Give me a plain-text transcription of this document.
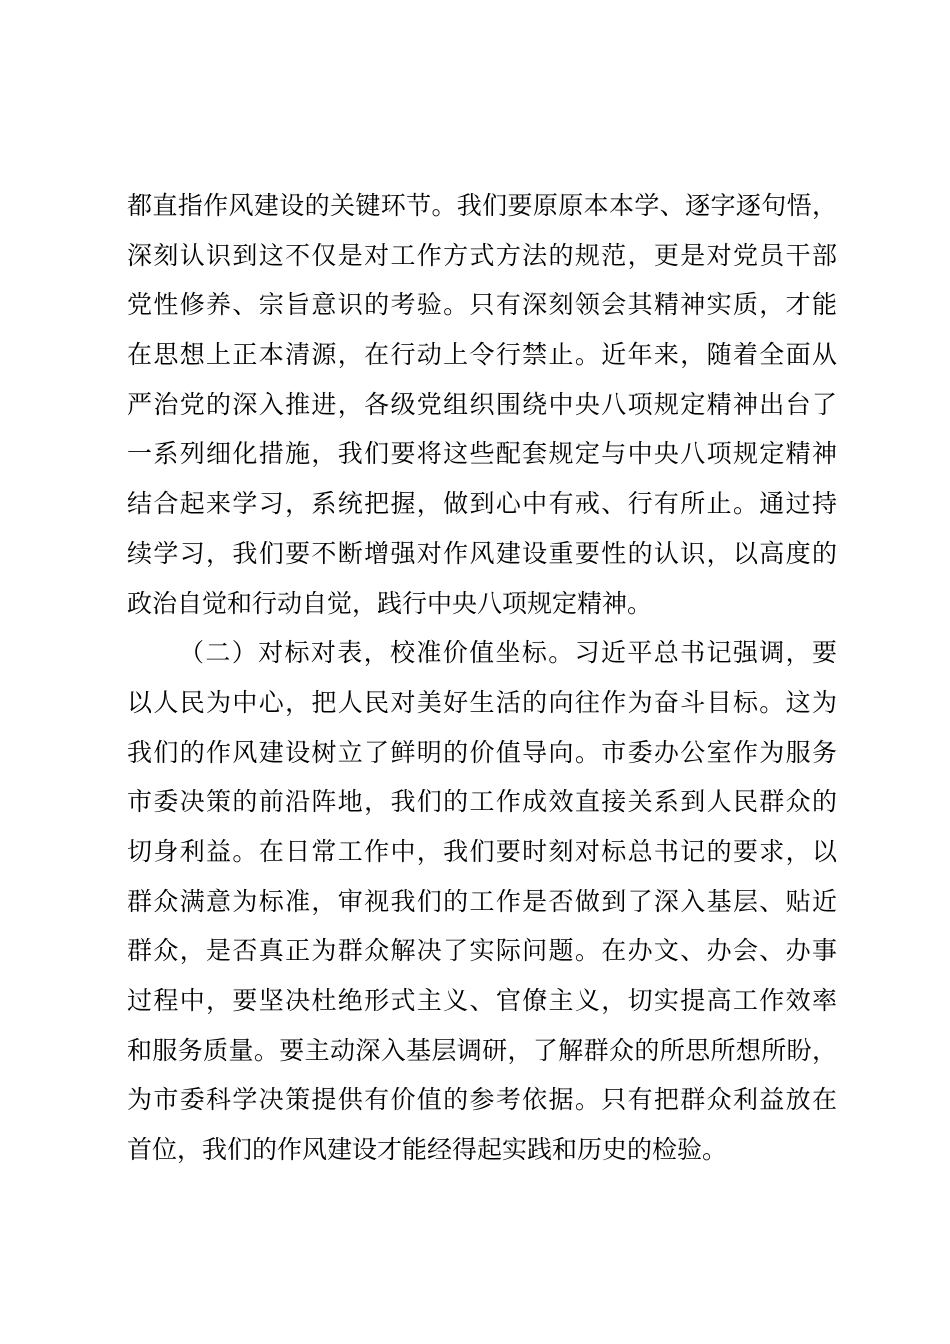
都直指作风建设的关键环节。我们要原原本本学、逐字逐句悟，
深刻认识到这不仅是对工作方式方法的规范，更是对党员干部
党性修养、宗旨意识的考验。只有深刻领会其精神实质，才能
在思想上正本清源，在行动上令行禁止。近年来，随着全面从
严治党的深入推进，各级党组织围绕中央八项规定精神出台了
一系列细化措施，我们要将这些配套规定与中央八项规定精神
结合起来学习，系统把握，做到心中有戒、行有所止。通过持
续学习，我们要不断增强对作风建设重要性的认识，以高度的
政治自觉和行动自觉，践行中央八项规定精神。
（二）对标对表，校准价值坐标。习近平总书记强调，要
以人民为中心，把人民对美好生活的向往作为奋斗目标。这为
我们的作风建设树立了鲜明的价值导向。市委办公室作为服务
市委决策的前沿阵地，我们的工作成效直接关系到人民群众的
切身利益。在日常工作中，我们要时刻对标总书记的要求，以
群众满意为标准，审视我们的工作是否做到了深入基层、贴近
群众，是否真正为群众解决了实际问题。在办文、办会、办事
过程中，要坚决杜绝形式主义、官僚主义，切实提高工作效率
和服务质量。要主动深入基层调研，了解群众的所思所想所盼，
为市委科学决策提供有价值的参考依据。只有把群众利益放在
首位，我们的作风建设才能经得起实践和历史的检验。
